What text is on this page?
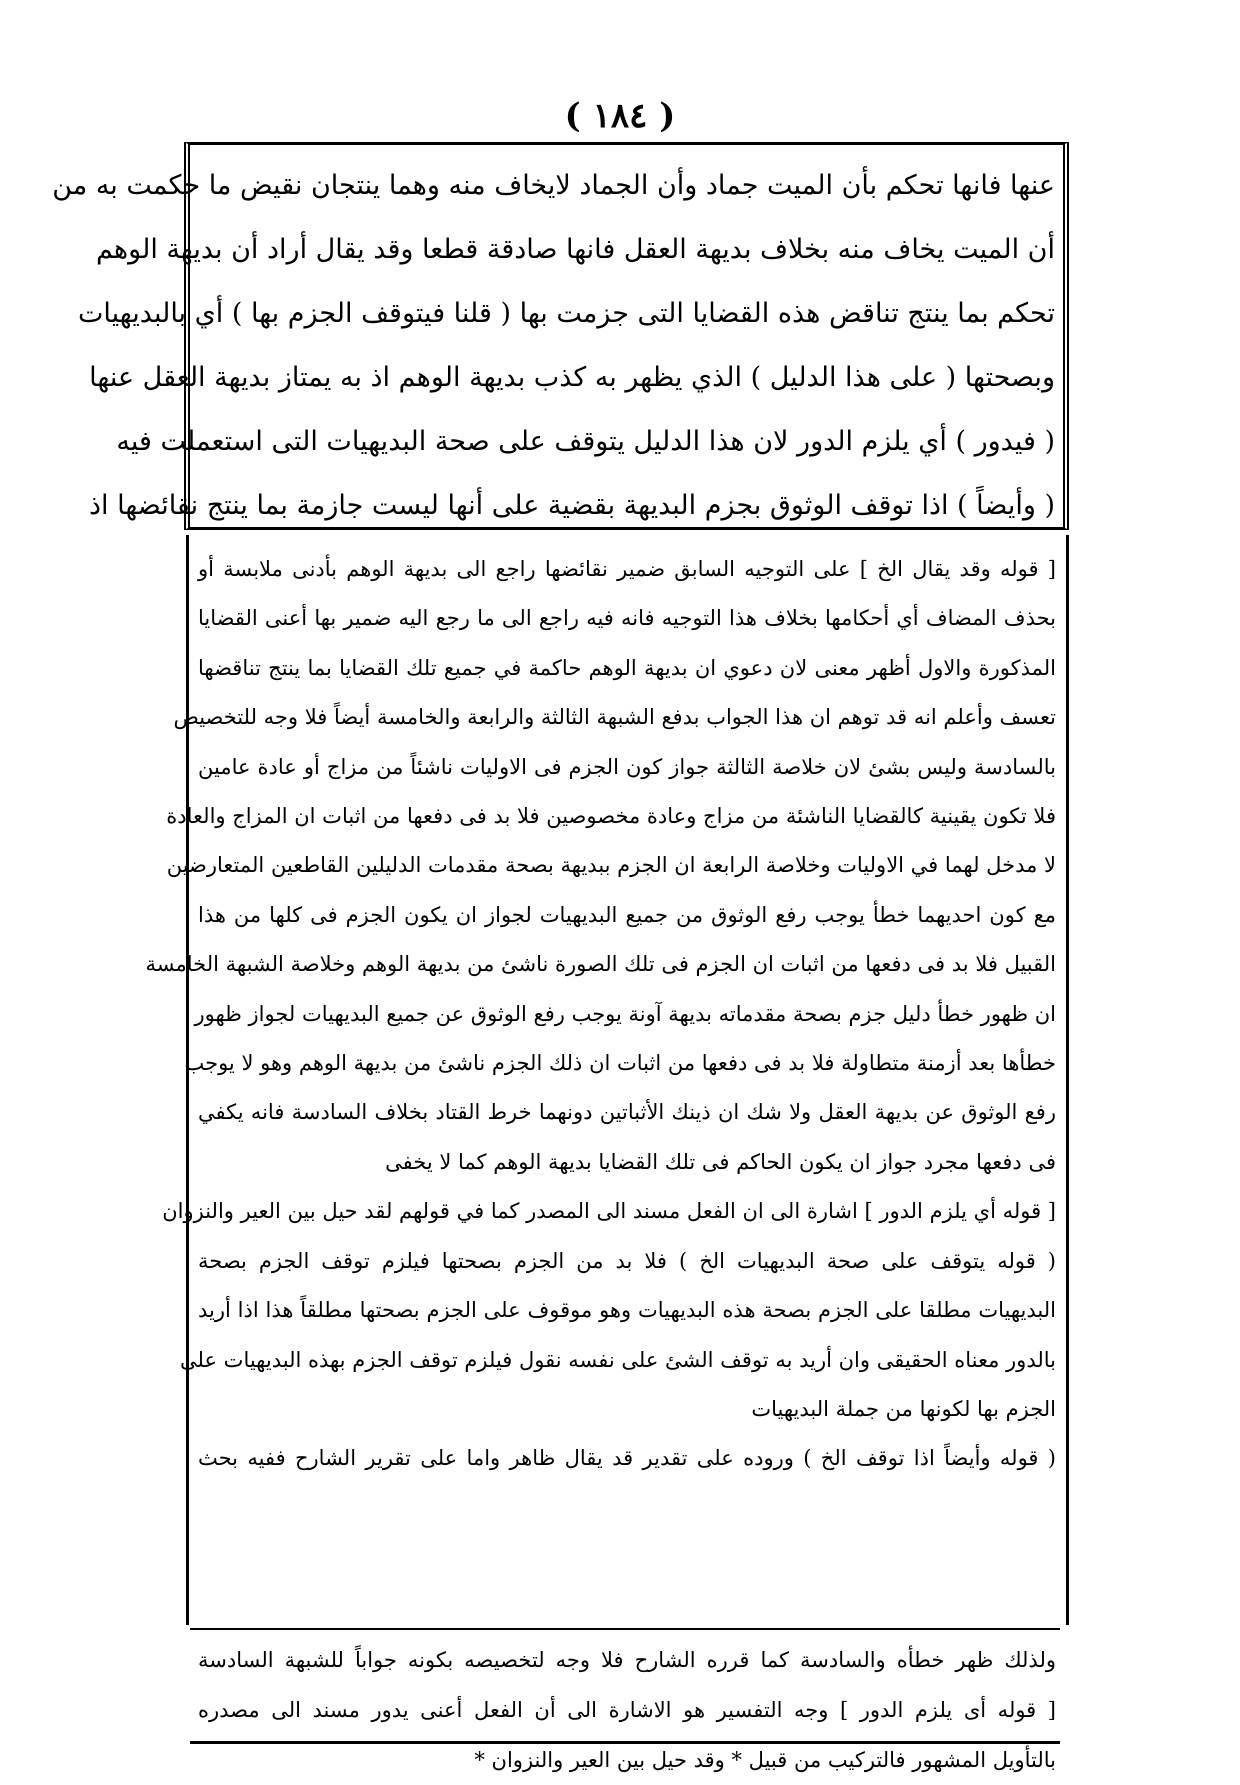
( ١٨٤ )

عنها فانها تحكم بأن الميت جماد وأن الجماد لايخاف منه وهما ينتجان نقيض ما حكمت به من

أن الميت يخاف منه بخلاف بديهة العقل فانها صادقة قطعا وقد يقال أراد أن بديهة الوهم

تحكم بما ينتج تناقض هذه القضايا التى جزمت بها ( قلنا فيتوقف الجزم بها ) أي بالبديهيات

وبصحتها ( على هذا الدليل ) الذي يظهر به كذب بديهة الوهم اذ به يمتاز بديهة العقل عنها

( فيدور ) أي يلزم الدور لان هذا الدليل يتوقف على صحة البديهيات التى استعملت فيه

( وأيضاً ) اذا توقف الوثوق بجزم البديهة بقضية على أنها ليست جازمة بما ينتج نقائضها اذ

[ قوله وقد يقال الخ ] على التوجيه السابق ضمير نقائضها راجع الى بديهة الوهم بأدنى ملابسة أو

بحذف المضاف أي أحكامها بخلاف هذا التوجيه فانه فيه راجع الى ما رجع اليه ضمير بها أعنى القضايا

المذكورة والاول أظهر معنى لان دعوي ان بديهة الوهم حاكمة في جميع تلك القضايا بما ينتج تناقضها

تعسف وأعلم انه قد توهم ان هذا الجواب بدفع الشبهة الثالثة والرابعة والخامسة أيضاً فلا وجه للتخصيص

بالسادسة وليس بشئ لان خلاصة الثالثة جواز كون الجزم فى الاوليات ناشئاً من مزاج أو عادة عامين

فلا تكون يقينية كالقضايا الناشئة من مزاج وعادة مخصوصين فلا بد فى دفعها من اثبات ان المزاج والعادة

لا مدخل لهما في الاوليات وخلاصة الرابعة ان الجزم ببديهة بصحة مقدمات الدليلين القاطعين المتعارضين

مع كون احديهما خطأ يوجب رفع الوثوق من جميع البديهيات لجواز ان يكون الجزم فى كلها من هذا

القبيل فلا بد فى دفعها من اثبات ان الجزم فى تلك الصورة ناشئ من بديهة الوهم وخلاصة الشبهة الخامسة

ان ظهور خطأ دليل جزم بصحة مقدماته بديهة آونة يوجب رفع الوثوق عن جميع البديهيات لجواز ظهور

خطأها بعد أزمنة متطاولة فلا بد فى دفعها من اثبات ان ذلك الجزم ناشئ من بديهة الوهم وهو لا يوجب

رفع الوثوق عن بديهة العقل ولا شك ان ذينك الأثباتين دونهما خرط القتاد بخلاف السادسة فانه يكفي

فى دفعها مجرد جواز ان يكون الحاكم فى تلك القضايا بديهة الوهم كما لا يخفى

[ قوله أي يلزم الدور ] اشارة الى ان الفعل مسند الى المصدر كما في قولهم لقد حيل بين العير والنزوان

( قوله يتوقف على صحة البديهيات الخ ) فلا بد من الجزم بصحتها فيلزم توقف الجزم بصحة

البديهيات مطلقا على الجزم بصحة هذه البديهيات وهو موقوف على الجزم بصحتها مطلقاً هذا اذا أريد

بالدور معناه الحقيقى وان أريد به توقف الشئ على نفسه نقول فيلزم توقف الجزم بهذه البديهيات على

الجزم بها لكونها من جملة البديهيات

( قوله وأيضاً اذا توقف الخ ) وروده على تقدير قد يقال ظاهر واما على تقرير الشارح ففيه بحث

ولذلك ظهر خطأه والسادسة كما قرره الشارح فلا وجه لتخصيصه بكونه جواباً للشبهة السادسة

[ قوله أى يلزم الدور ] وجه التفسير هو الاشارة الى أن الفعل أعنى يدور مسند الى مصدره

بالتأويل المشهور فالتركيب من قبيل * وقد حيل بين العير والنزوان *
